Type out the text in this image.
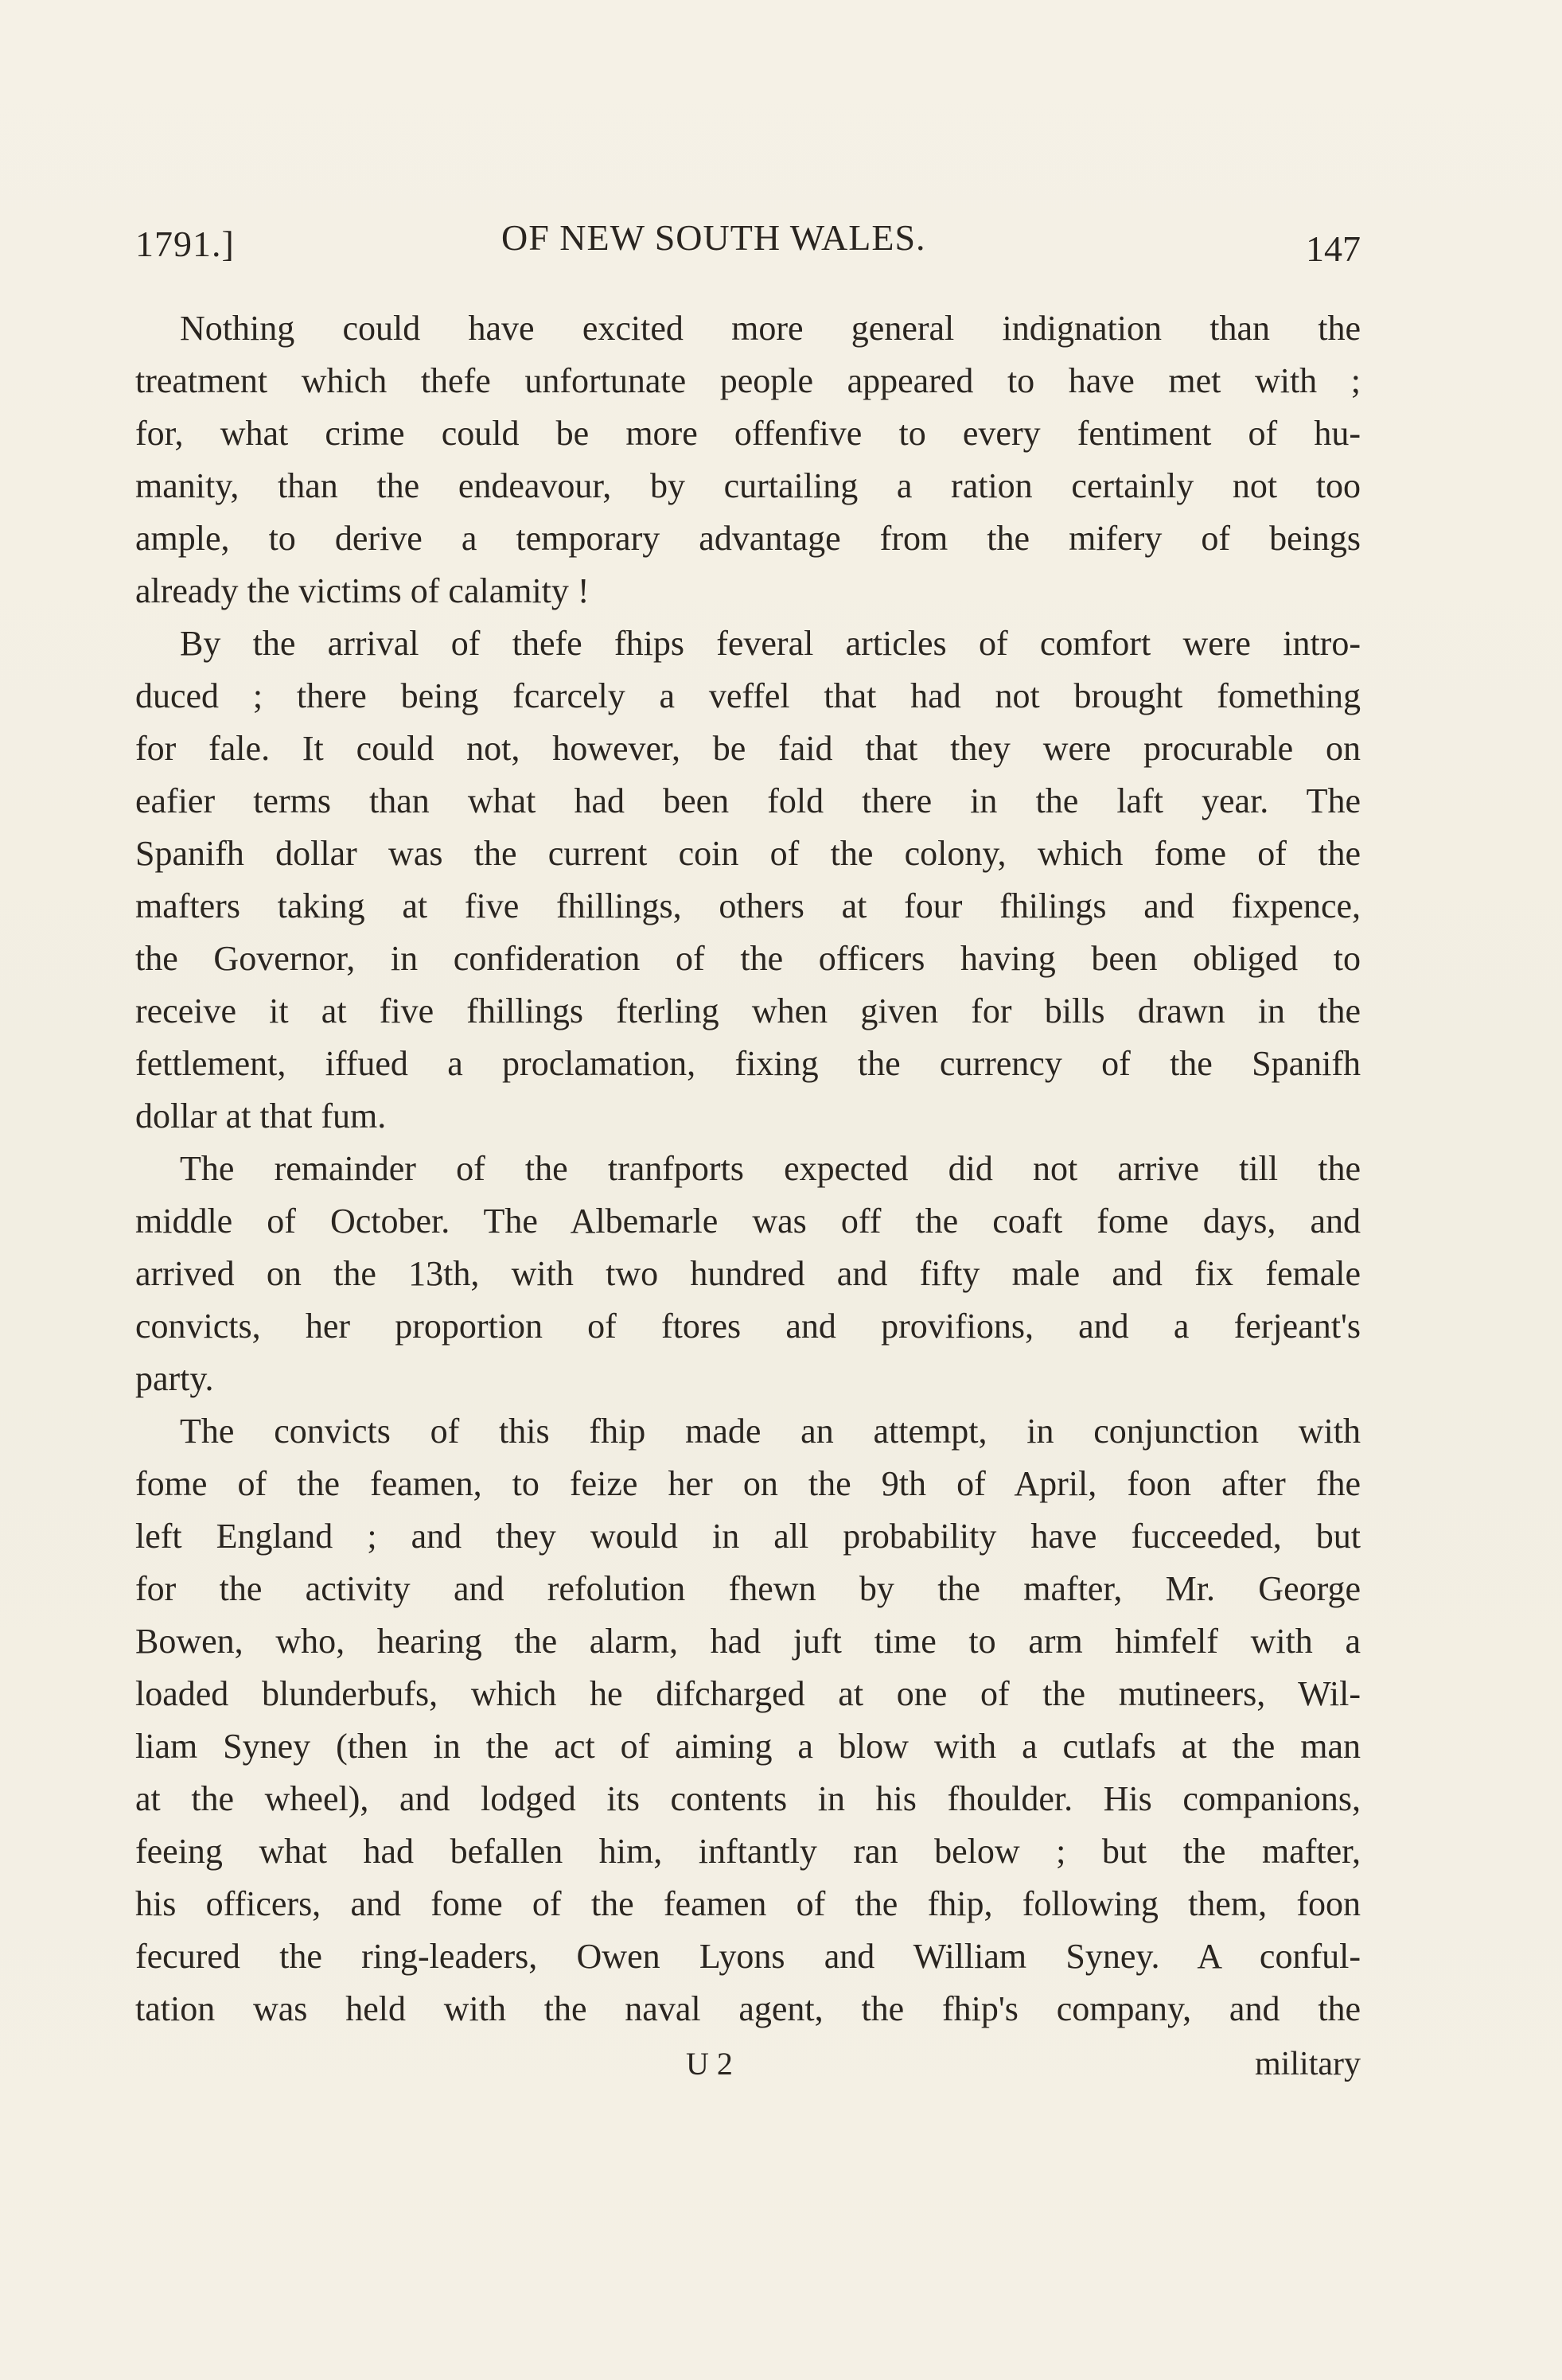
1791.]	OF NEW SOUTH WALES.	147
Nothing could have excited more general indignation than the
treatment which thefe unfortunate people appeared to have met with ;
for, what crime could be more offenfive to every fentiment of hu-
manity, than the endeavour, by curtailing a ration certainly not too
ample, to derive a temporary advantage from the mifery of beings
already the victims of calamity !
By the arrival of thefe fhips feveral articles of comfort were intro-
duced ; there being fcarcely a veffel that had not brought fomething
for fale. It could not, however, be faid that they were procurable on
eafier terms than what had been fold there in the laft year. The
Spanifh dollar was the current coin of the colony, which fome of the
mafters taking at five fhillings, others at four fhilings and fixpence,
the Governor, in confideration of the officers having been obliged to
receive it at five fhillings fterling when given for bills drawn in the
fettlement, iffued a proclamation, fixing the currency of the Spanifh
dollar at that fum.
The remainder of the tranfports expected did not arrive till the
middle of October. The Albemarle was off the coaft fome days, and
arrived on the 13th, with two hundred and fifty male and fix female
convicts, her proportion of ftores and provifions, and a ferjeant's
party.
The convicts of this fhip made an attempt, in conjunction with
fome of the feamen, to feize her on the 9th of April, foon after fhe
left England ; and they would in all probability have fucceeded, but
for the activity and refolution fhewn by the mafter, Mr. George
Bowen, who, hearing the alarm, had juft time to arm himfelf with a
loaded blunderbufs, which he difcharged at one of the mutineers, Wil-
liam Syney (then in the act of aiming a blow with a cutlafs at the man
at the wheel), and lodged its contents in his fhoulder. His companions,
feeing what had befallen him, inftantly ran below ; but the mafter,
his officers, and fome of the feamen of the fhip, following them, foon
fecured the ring-leaders, Owen Lyons and William Syney. A conful-
tation was held with the naval agent, the fhip's company, and the
U 2	military
